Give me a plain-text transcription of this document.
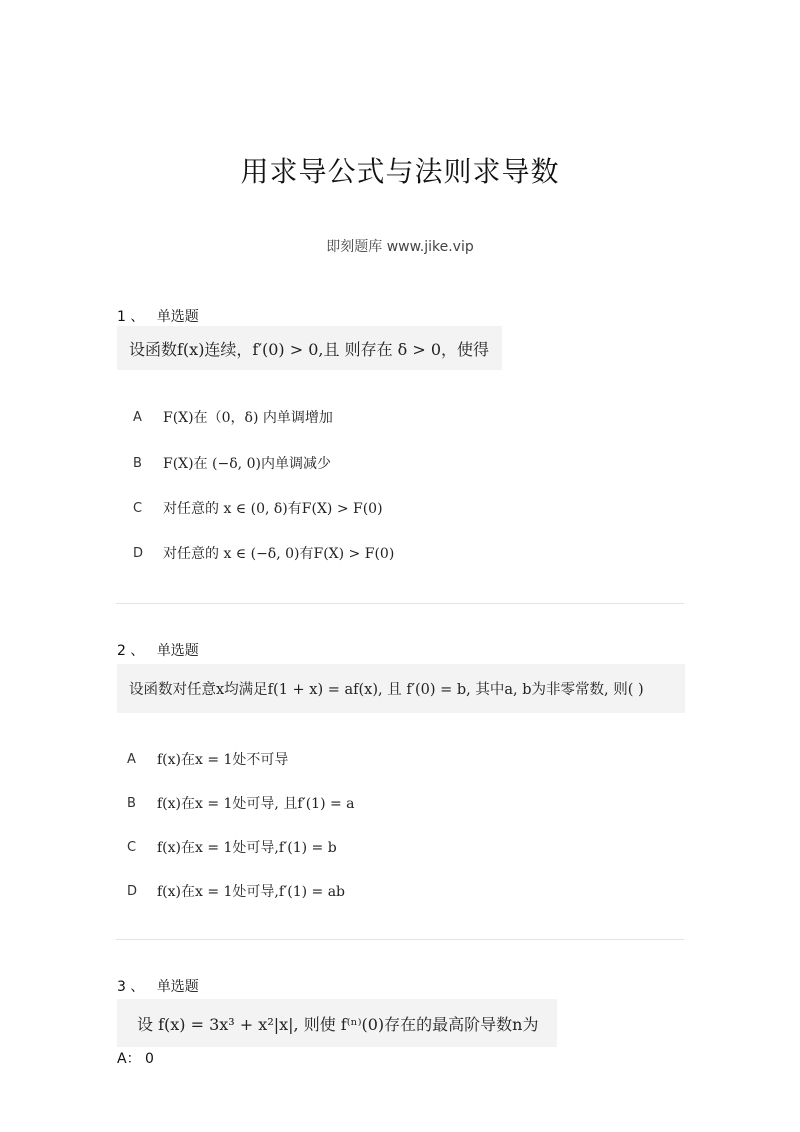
用求导公式与法则求导数
即刻题库 www.jike.vip
1 、 单选题
设函数f(x)连续，f′(0) > 0,且 则存在 δ > 0，使得
A	F(X)在（0，δ) 内单调增加
B	F(X)在 (−δ, 0)内单调减少
C	对任意的 x ∈ (0, δ)有F(X) > F(0)
D	对任意的 x ∈ (−δ, 0)有F(X) > F(0)
2 、 单选题
设函数对任意x均满足f(1 + x) = af(x), 且 f′(0) = b, 其中a, b为非零常数, 则( )
A	f(x)在x = 1处不可导
B	f(x)在x = 1处可导, 且f′(1) = a
C	f(x)在x = 1处可导,f′(1) = b
D	f(x)在x = 1处可导,f′(1) = ab
3 、 单选题
设 f(x) = 3x³ + x²|x|, 则使 f⁽ⁿ⁾(0)存在的最高阶导数n为
A： 0
